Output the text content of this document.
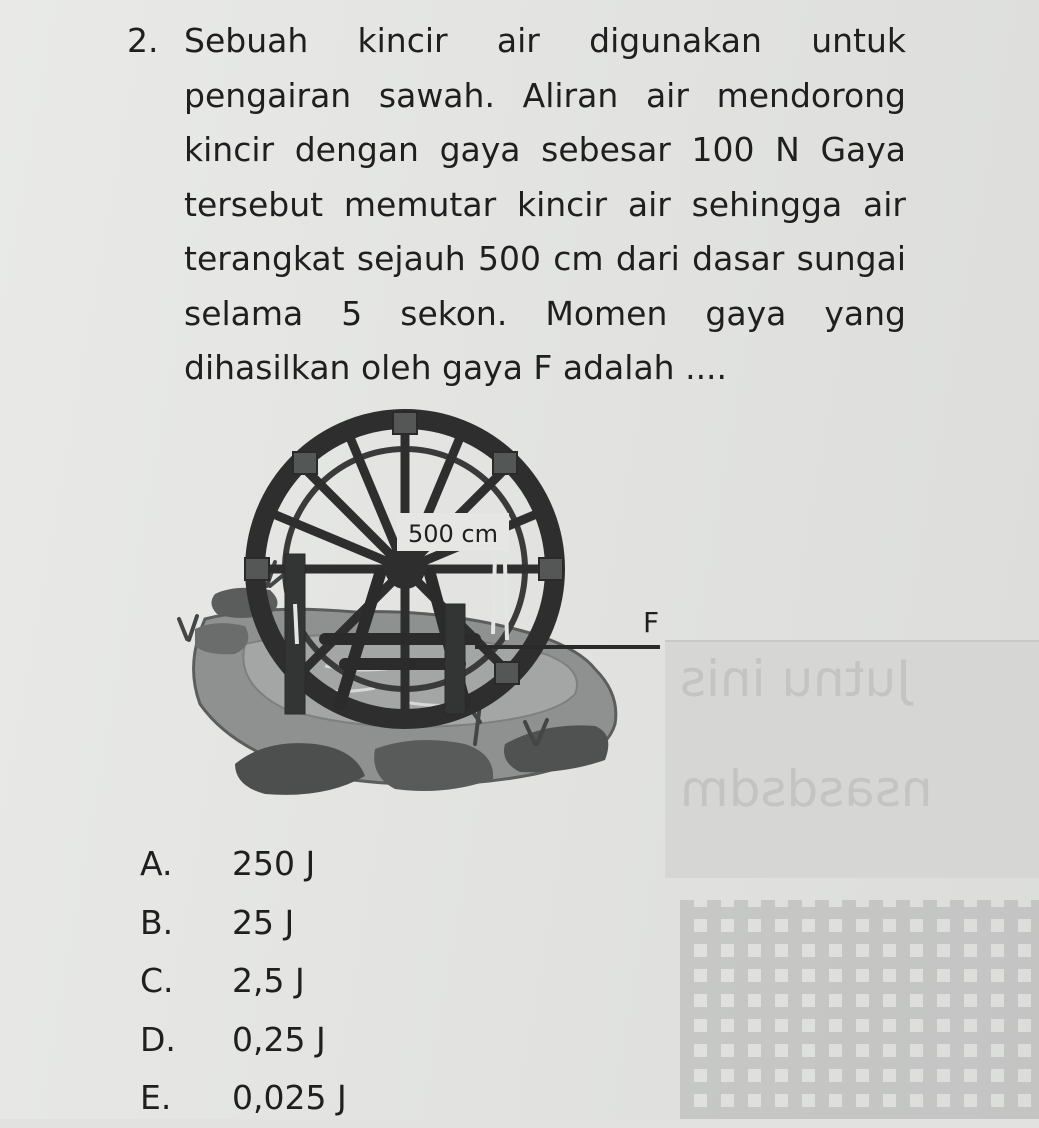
Jutnu inis
nsasdsdm
2. Sebuah kincir air digunakan untuk pengairan sawah. Aliran air mendorong kincir dengan gaya sebesar 100 N Gaya tersebut memutar kincir air sehingga air terangkat sejauh 500 cm dari dasar sungai selama 5 sekon. Momen gaya yang dihasilkan oleh gaya F adalah ....
500 cm
F
A. 250 J
B. 25 J
C. 2,5 J
D. 0,25 J
E. 0,025 J
